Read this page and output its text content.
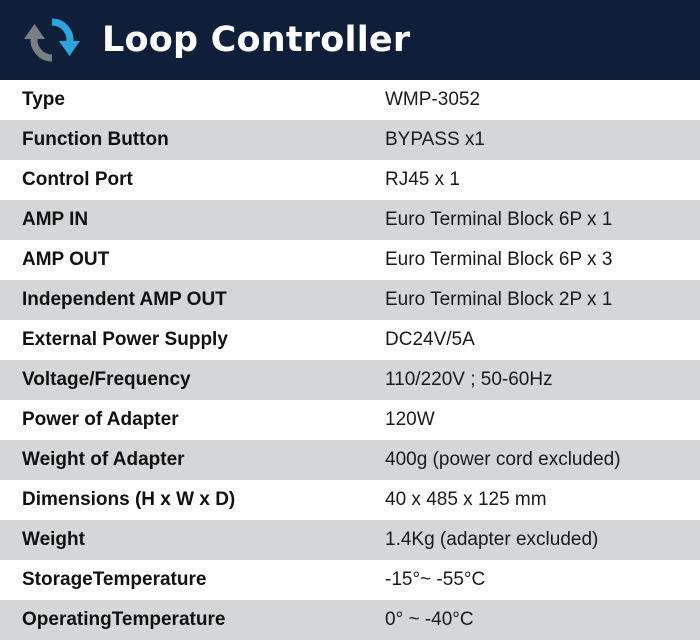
Loop Controller
Type	WMP-3052
Function Button	BYPASS x1
Control Port	RJ45 x 1
AMP IN	Euro Terminal Block 6P x 1
AMP OUT	Euro Terminal Block 6P x 3
Independent AMP OUT	Euro Terminal Block 2P x 1
External Power Supply	DC24V/5A
Voltage/Frequency	110/220V ; 50-60Hz
Power of Adapter	120W
Weight of Adapter	400g (power cord excluded)
Dimensions (H x W x D)	40 x 485 x 125 mm
Weight	1.4Kg (adapter excluded)
StorageTemperature	-15°~ -55°C
OperatingTemperature	0° ~ -40°C
